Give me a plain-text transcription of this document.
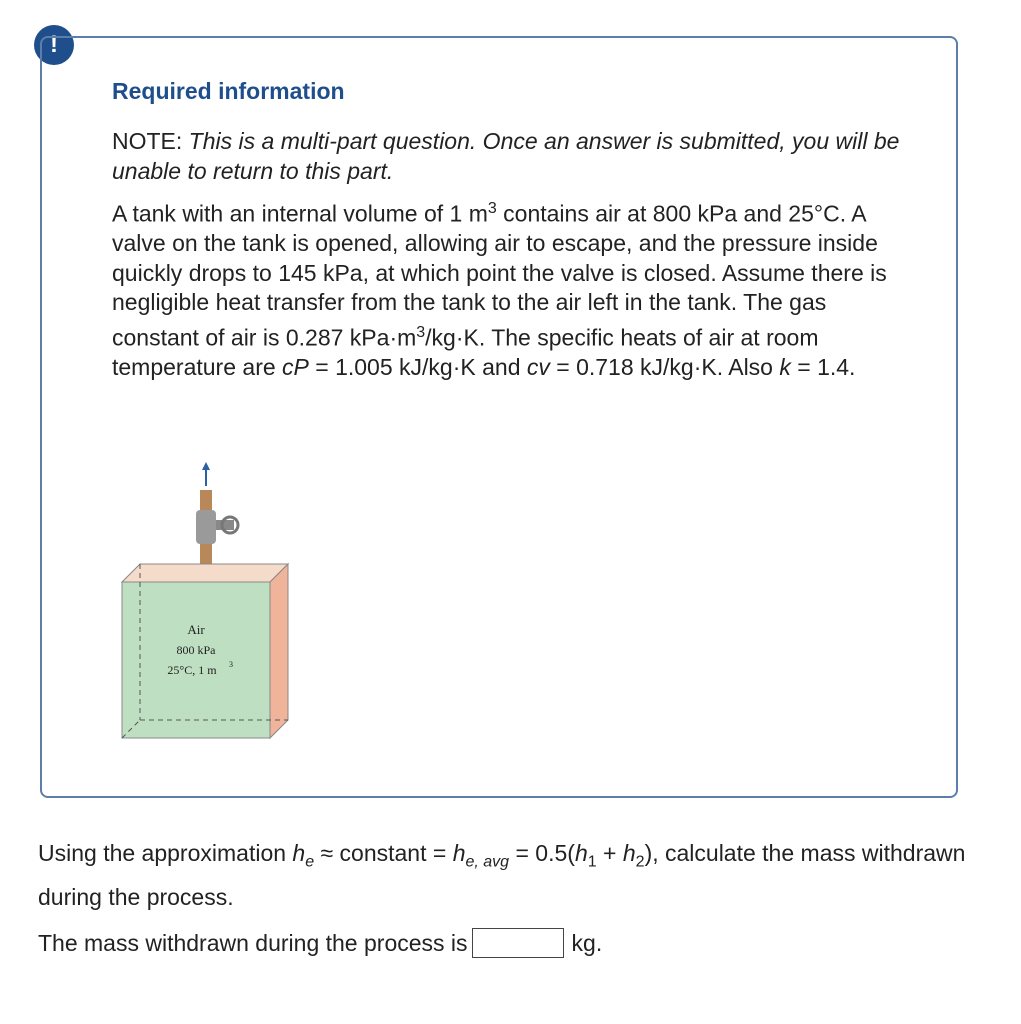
!
Required information
NOTE: This is a multi-part question. Once an answer is submitted, you will be unable to return to this part.
A tank with an internal volume of 1 $m^3$ contains air at 800 kPa and 25°C. A valve on the tank is opened, allowing air to escape, and the pressure inside quickly drops to 145 kPa, at which point the valve is closed. Assume there is negligible heat transfer from the tank to the air left in the tank. The gas constant of air is 0.287 $kPa\cdot m^3/kg\cdot K$. The specific heats of air at room temperature are cP = 1.005 kJ/kg·K and cv = 0.718 kJ/kg·K. Also k = 1.4.
Air
800 kPa
25°C, 1 m 3
Using the approximation $h_e$ ≈ constant = $h_{e, avg} = 0.5(h_1 + h_2)$, calculate the mass withdrawn during the process.
The mass withdrawn during the process is	kg.
